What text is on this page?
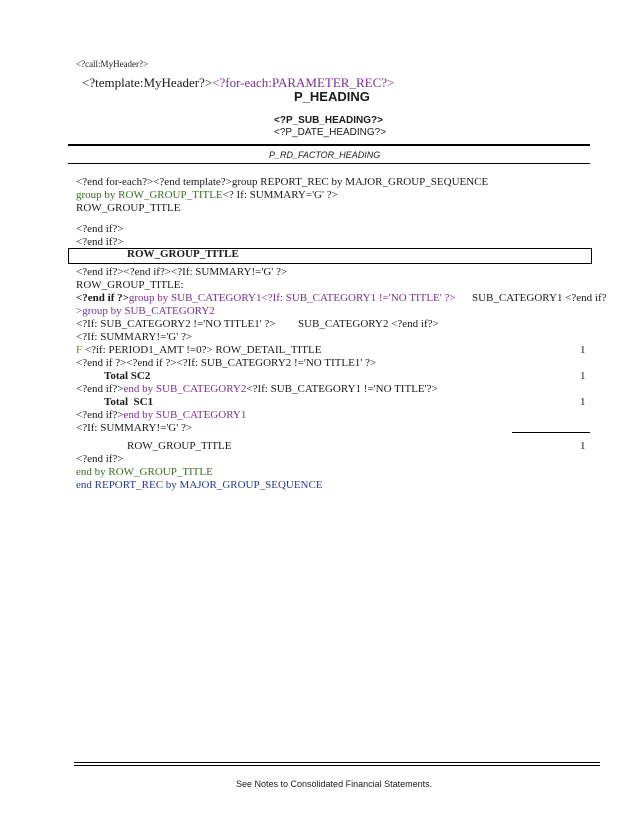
<?call:MyHeader?>
<?template:MyHeader?><?for-each:PARAMETER_REC?>
P_HEADING
<?P_SUB_HEADING?>
<?P_DATE_HEADING?>
P_RD_FACTOR_HEADING
<?end for-each?><?end template?>group REPORT_REC by MAJOR_GROUP_SEQUENCE
group by ROW_GROUP_TITLE<? If: SUMMARY='G' ?>
ROW_GROUP_TITLE
<?end if?>
<?end if?>
ROW_GROUP_TITLE
<?end if?><?end if?><?If: SUMMARY!='G' ?>
ROW_GROUP_TITLE:
<?end if ?>group by SUB_CATEGORY1<?If: SUB_CATEGORY1 !='NO TITLE' ?> SUB_CATEGORY1 <?end if?
>group by SUB_CATEGORY2
<?If: SUB_CATEGORY2 !='NO TITLE1' ?> SUB_CATEGORY2 <?end if?>
<?If: SUMMARY!='G' ?>
F <?if: PERIOD1_AMT !=0?> ROW_DETAIL_TITLE	1
<?end if ?><?end if ?><?If: SUB_CATEGORY2 !='NO TITLE1' ?>
Total SC2	1
<?end if?>end by SUB_CATEGORY2<?If: SUB_CATEGORY1 !='NO TITLE'?>
Total  SC1	1
<?end if?>end by SUB_CATEGORY1
<?If: SUMMARY!='G' ?>
ROW_GROUP_TITLE	1
<?end if?>
end by ROW_GROUP_TITLE
end REPORT_REC by MAJOR_GROUP_SEQUENCE
See Notes to Consolidated Financial Statements.
